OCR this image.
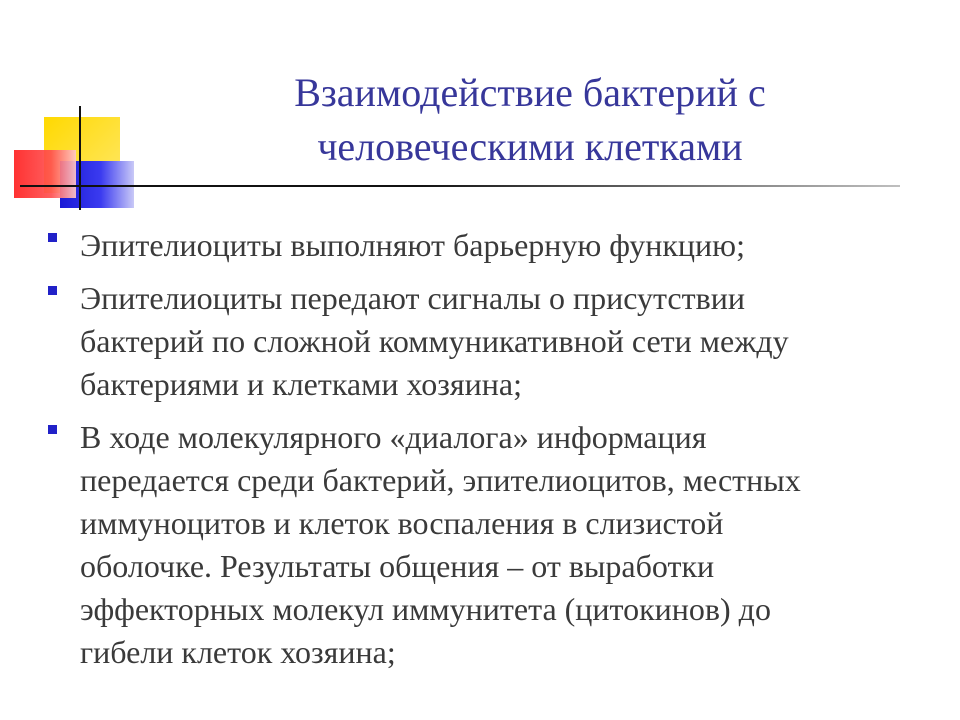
Взаимодействие бактерий с
человеческими клетками
Эпителиоциты выполняют барьерную функцию;
Эпителиоциты передают сигналы о присутствии
бактерий по сложной коммуникативной сети между
бактериями и клетками хозяина;
В ходе молекулярного «диалога» информация
передается среди бактерий, эпителиоцитов, местных
иммуноцитов и клеток воспаления в слизистой
оболочке. Результаты общения – от выработки
эффекторных молекул иммунитета (цитокинов) до
гибели клеток хозяина;
